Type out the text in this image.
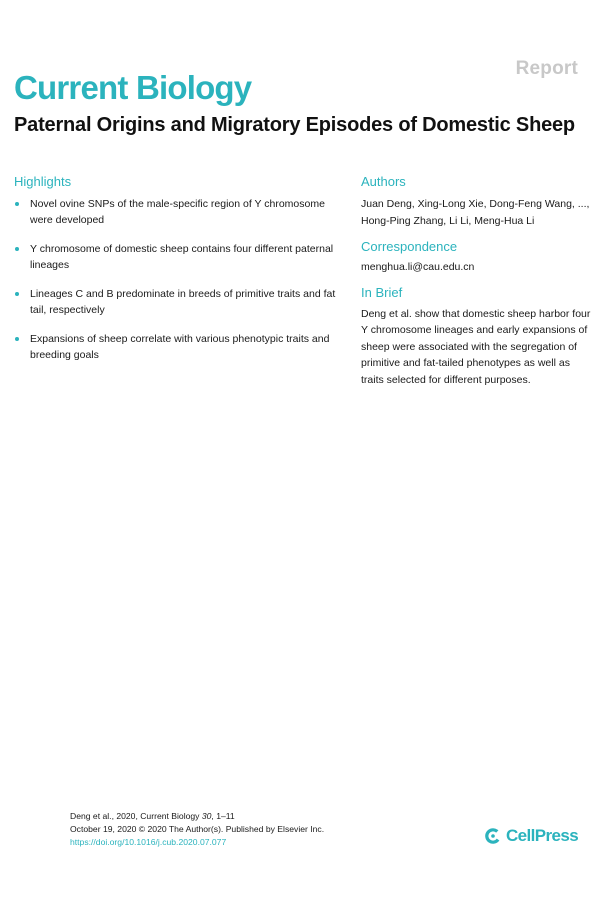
Report
Current Biology
Paternal Origins and Migratory Episodes of Domestic Sheep
Highlights
Novel ovine SNPs of the male-specific region of Y chromosome were developed
Y chromosome of domestic sheep contains four different paternal lineages
Lineages C and B predominate in breeds of primitive traits and fat tail, respectively
Expansions of sheep correlate with various phenotypic traits and breeding goals
Authors

Juan Deng, Xing-Long Xie, Dong-Feng Wang, ..., Hong-Ping Zhang, Li Li, Meng-Hua Li

Correspondence

menghua.li@cau.edu.cn

In Brief

Deng et al. show that domestic sheep harbor four Y chromosome lineages and early expansions of sheep were associated with the segregation of primitive and fat-tailed phenotypes as well as traits selected for different purposes.

Deng et al., 2020, Current Biology 30, 1–11
October 19, 2020 © 2020 The Author(s). Published by Elsevier Inc.
https://doi.org/10.1016/j.cub.2020.07.077	CellPress
